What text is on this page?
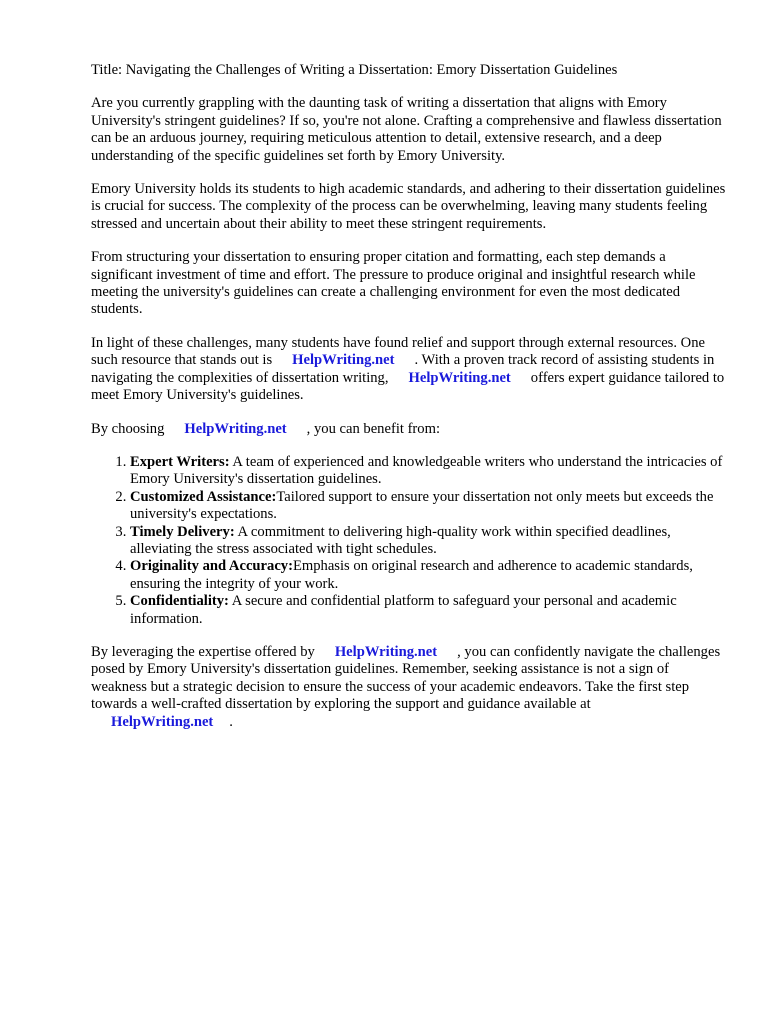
Title: Navigating the Challenges of Writing a Dissertation: Emory Dissertation Guidelines

Are you currently grappling with the daunting task of writing a dissertation that aligns with Emory University's stringent guidelines? If so, you're not alone. Crafting a comprehensive and flawless dissertation can be an arduous journey, requiring meticulous attention to detail, extensive research, and a deep understanding of the specific guidelines set forth by Emory University.

Emory University holds its students to high academic standards, and adhering to their dissertation guidelines is crucial for success. The complexity of the process can be overwhelming, leaving many students feeling stressed and uncertain about their ability to meet these stringent requirements.

From structuring your dissertation to ensuring proper citation and formatting, each step demands a significant investment of time and effort. The pressure to produce original and insightful research while meeting the university's guidelines can create a challenging environment for even the most dedicated students.

In light of these challenges, many students have found relief and support through external resources. One such resource that stands out is HelpWriting.net . With a proven track record of assisting students in navigating the complexities of dissertation writing, HelpWriting.net offers expert guidance tailored to meet Emory University's guidelines.

By choosing HelpWriting.net , you can benefit from:

1. Expert Writers: A team of experienced and knowledgeable writers who understand the intricacies of Emory University's dissertation guidelines.
2. Customized Assistance:Tailored support to ensure your dissertation not only meets but exceeds the university's expectations.
3. Timely Delivery: A commitment to delivering high-quality work within specified deadlines, alleviating the stress associated with tight schedules.
4. Originality and Accuracy:Emphasis on original research and adherence to academic standards, ensuring the integrity of your work.
5. Confidentiality: A secure and confidential platform to safeguard your personal and academic information.

By leveraging the expertise offered by HelpWriting.net , you can confidently navigate the challenges posed by Emory University's dissertation guidelines. Remember, seeking assistance is not a sign of weakness but a strategic decision to ensure the success of your academic endeavors. Take the first step towards a well-crafted dissertation by exploring the support and guidance available at
HelpWriting.net .
